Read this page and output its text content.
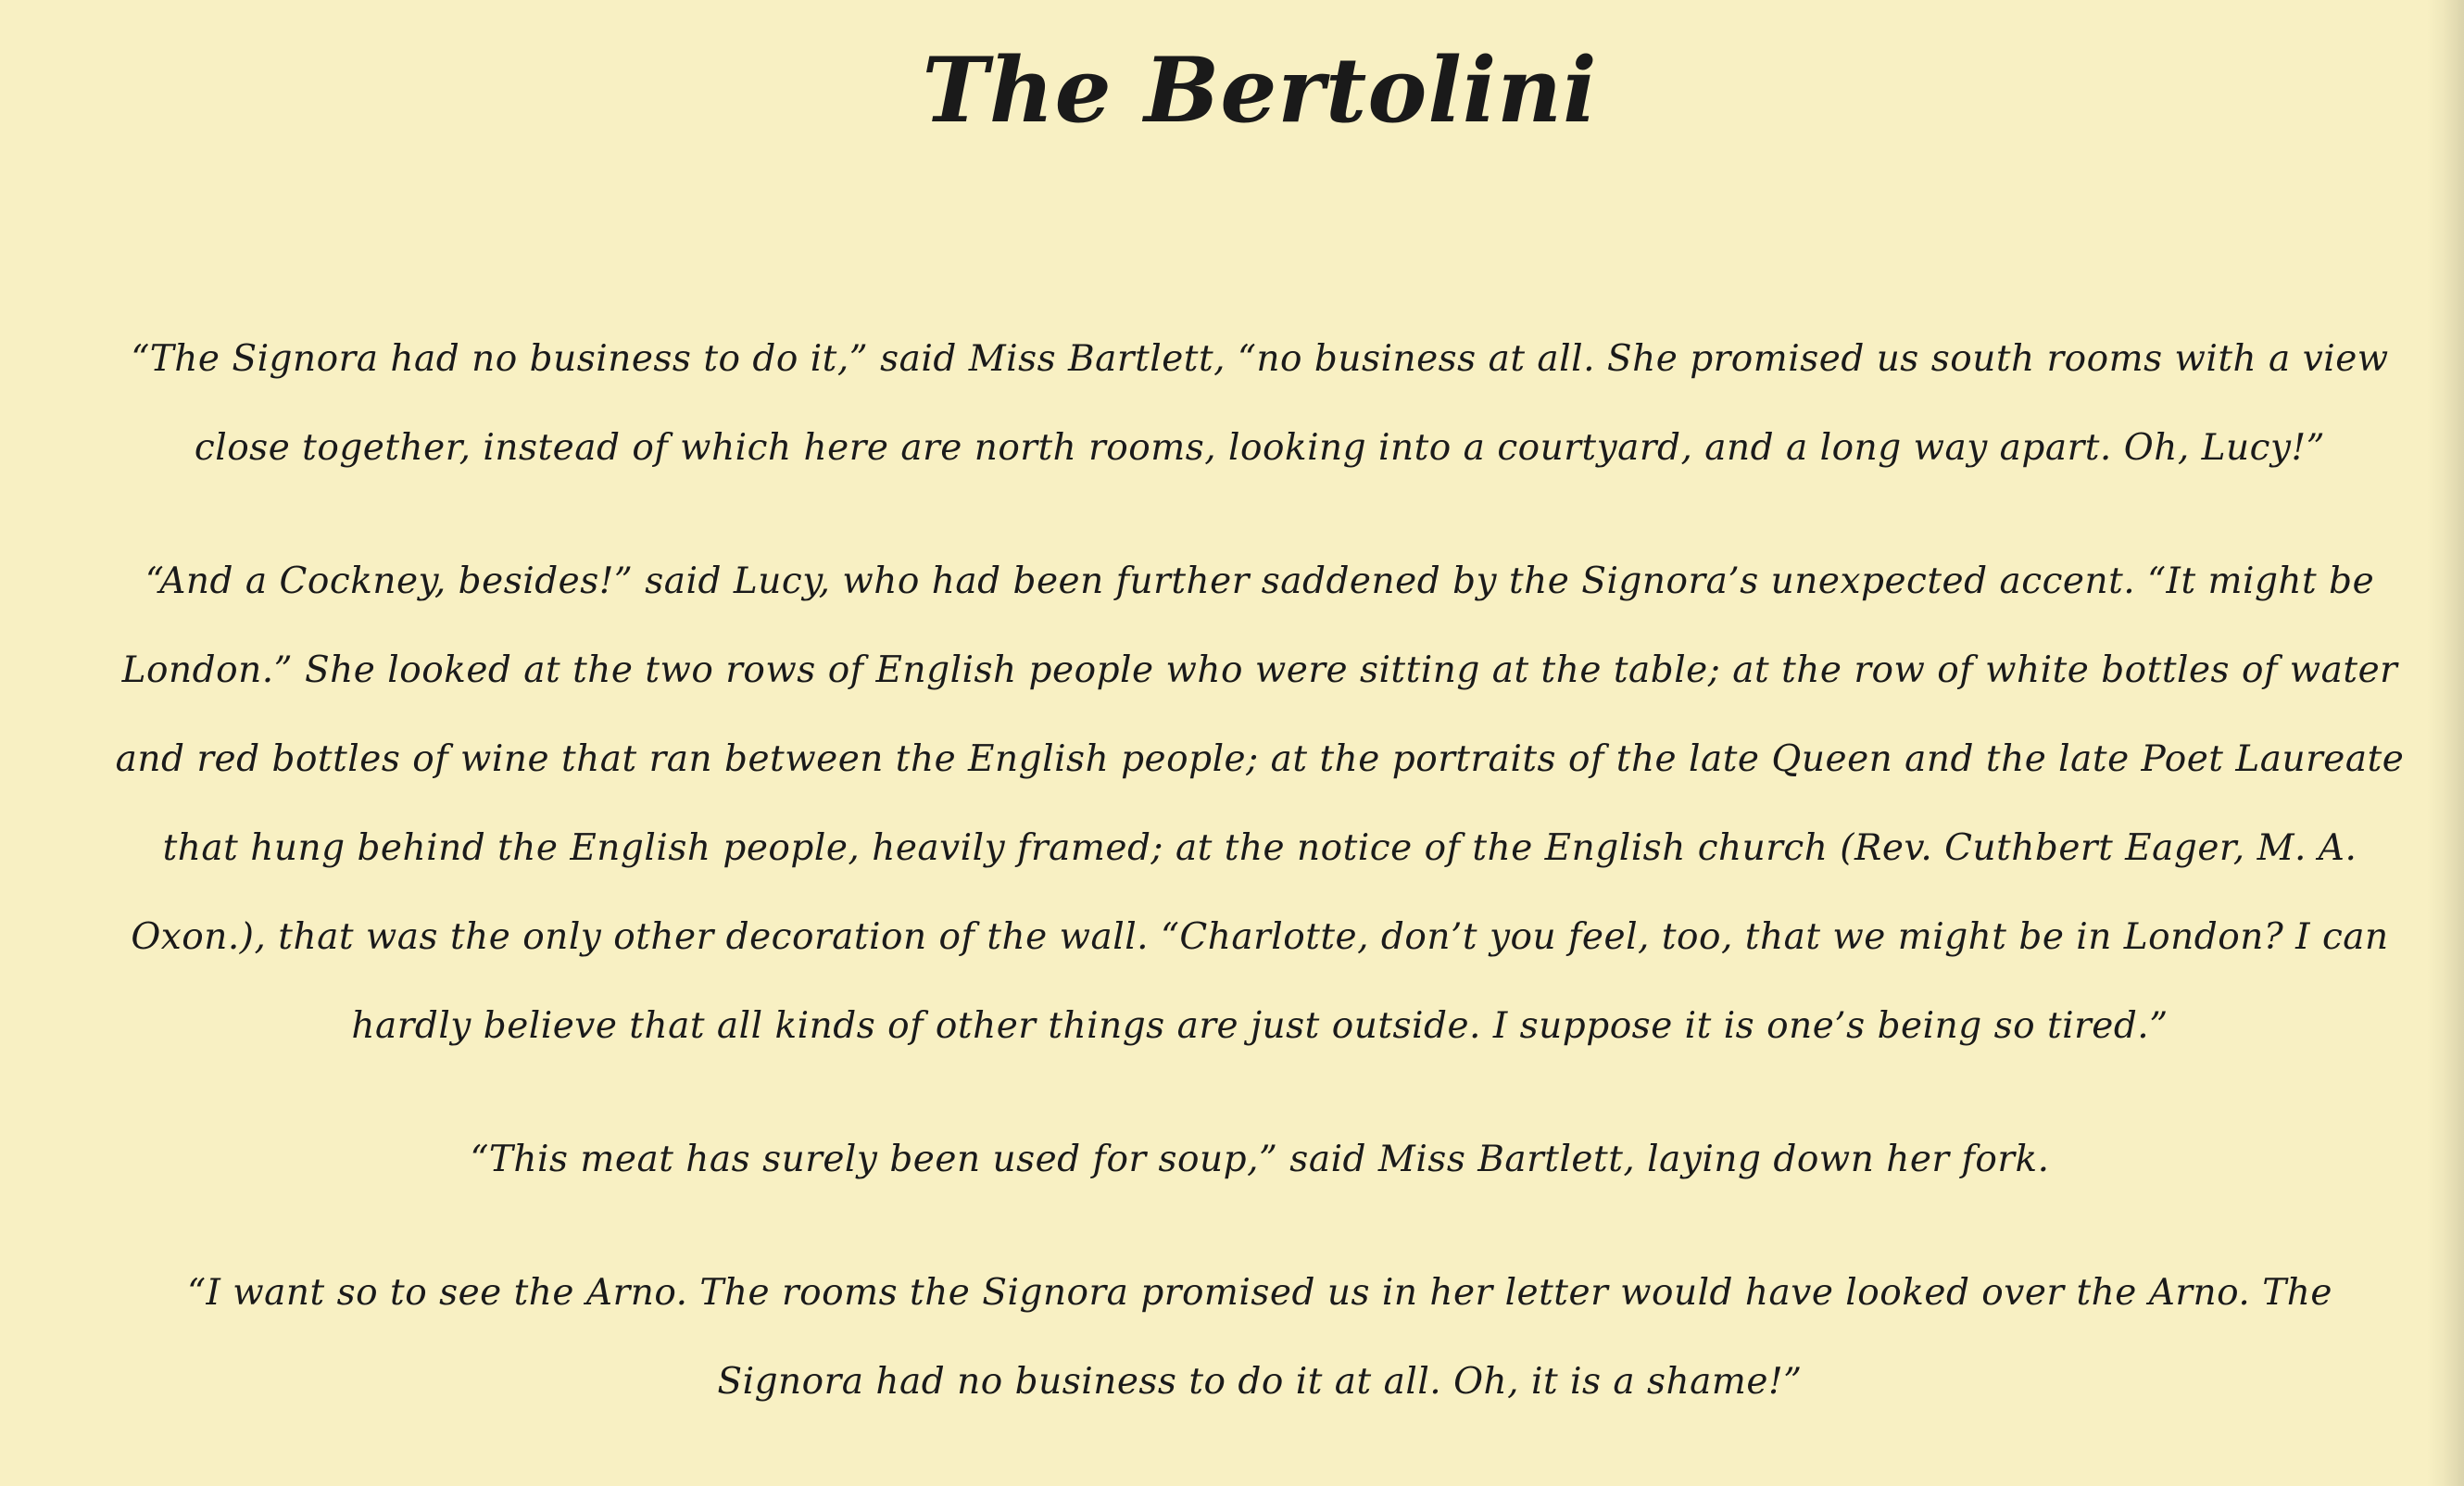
The Bertolini

“The Signora had no business to do it,” said Miss Bartlett, “no business at all. She promised us south rooms with a view close together, instead of which here are north rooms, looking into a courtyard, and a long way apart. Oh, Lucy!”

“And a Cockney, besides!” said Lucy, who had been further saddened by the Signora’s unexpected accent. “It might be London.” She looked at the two rows of English people who were sitting at the table; at the row of white bottles of water and red bottles of wine that ran between the English people; at the portraits of the late Queen and the late Poet Laureate that hung behind the English people, heavily framed; at the notice of the English church (Rev. Cuthbert Eager, M. A. Oxon.), that was the only other decoration of the wall. “Charlotte, don’t you feel, too, that we might be in London? I can hardly believe that all kinds of other things are just outside. I suppose it is one’s being so tired.”

“This meat has surely been used for soup,” said Miss Bartlett, laying down her fork.

“I want so to see the Arno. The rooms the Signora promised us in her letter would have looked over the Arno. The Signora had no business to do it at all. Oh, it is a shame!”
